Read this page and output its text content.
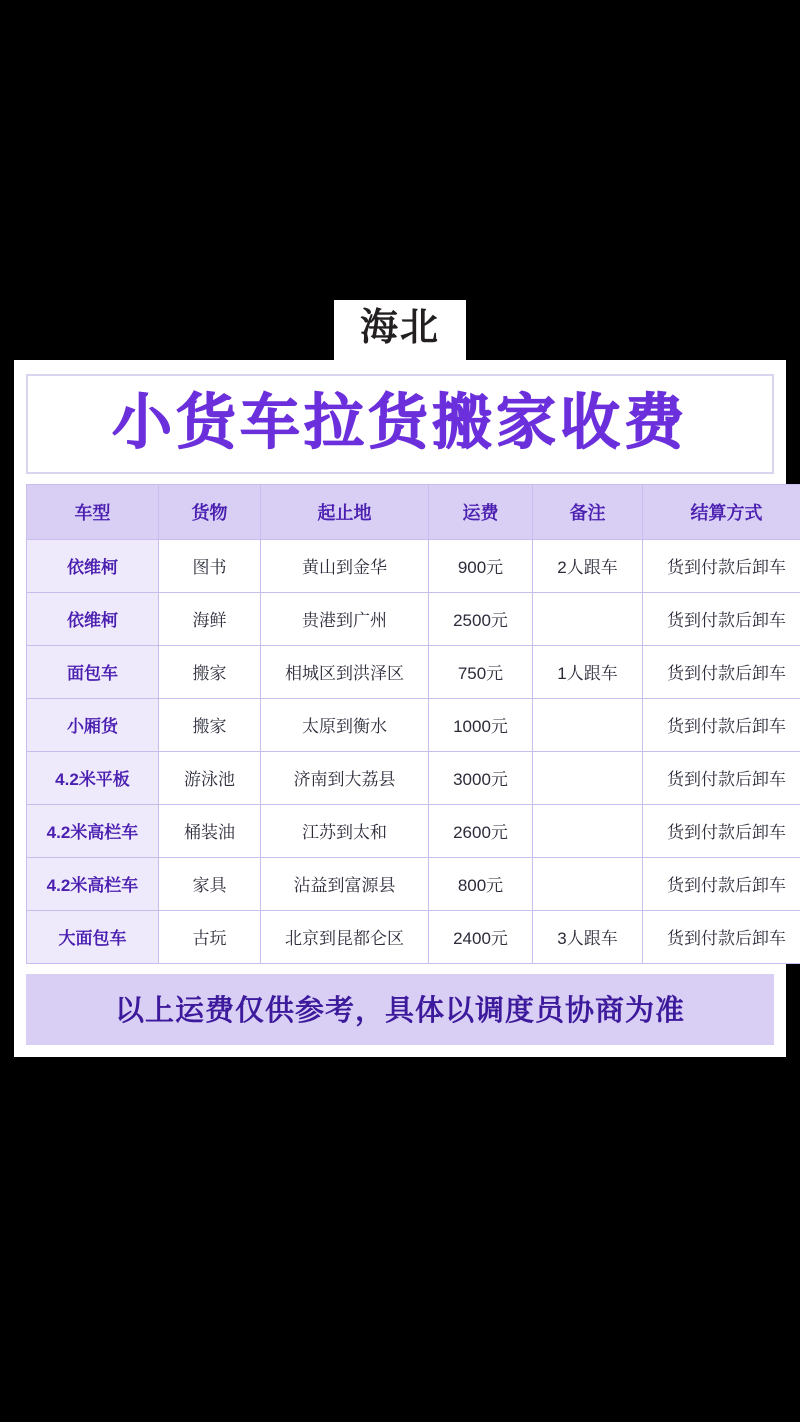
海北
小货车拉货搬家收费
车型	货物	起止地	运费	备注	结算方式
依维柯	图书	黄山到金华	900元	2人跟车	货到付款后卸车
依维柯	海鲜	贵港到广州	2500元		货到付款后卸车
面包车	搬家	相城区到洪泽区	750元	1人跟车	货到付款后卸车
小厢货	搬家	太原到衡水	1000元		货到付款后卸车
4.2米平板	游泳池	济南到大荔县	3000元		货到付款后卸车
4.2米高栏车	桶装油	江苏到太和	2600元		货到付款后卸车
4.2米高栏车	家具	沾益到富源县	800元		货到付款后卸车
大面包车	古玩	北京到昆都仑区	2400元	3人跟车	货到付款后卸车
以上运费仅供参考，具体以调度员协商为准
